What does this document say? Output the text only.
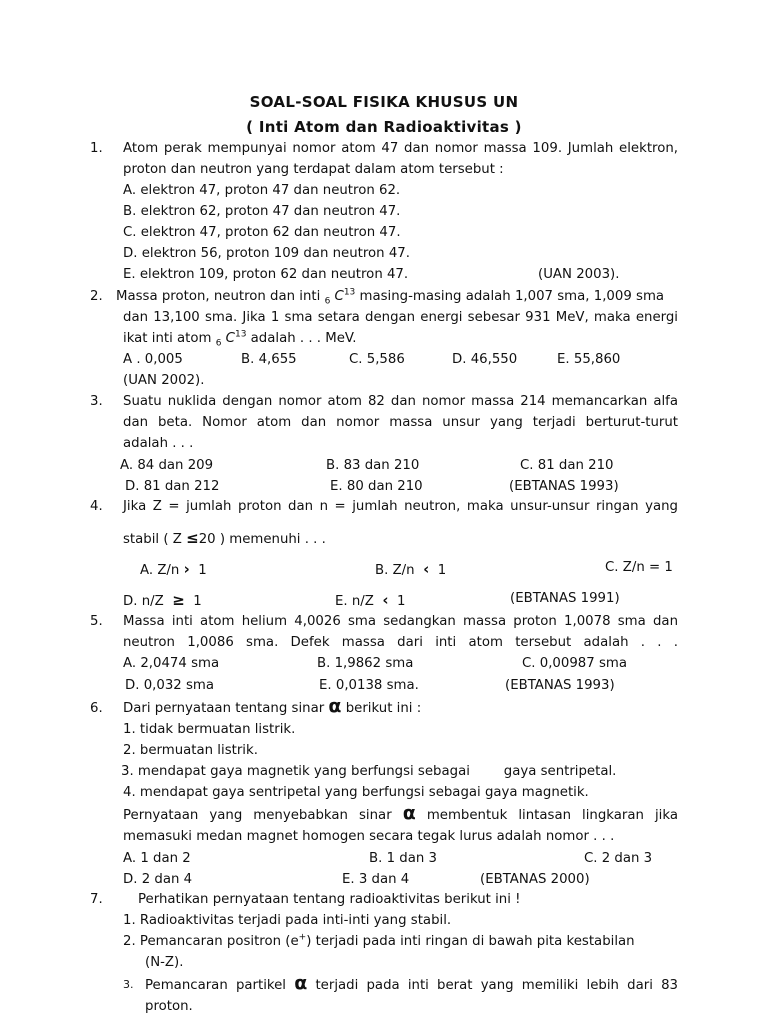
SOAL-SOAL FISIKA KHUSUS UN
( Inti Atom dan Radioaktivitas )
1.	Atom perak mempunyai nomor atom 47 dan nomor massa 109. Jumlah elektron,
proton dan neutron yang terdapat dalam atom tersebut :
A. elektron 47, proton 47 dan neutron 62.
B. elektron 62, proton 47 dan neutron 47.
C. elektron 47, proton 62 dan neutron 47.
D. elektron 56, proton 109 dan neutron 47.
E. elektron 109, proton 62 dan neutron 47.	(UAN 2003).
2.	Massa proton, neutron dan inti $_6$ $C^{13}$ masing-masing adalah 1,007 sma, 1,009 sma
dan 13,100 sma. Jika 1 sma setara dengan energi sebesar 931 MeV, maka energi
ikat inti atom $_6$ $C^{13}$ adalah . . . MeV.
A . 0,005	B. 4,655	C. 5,586	D. 46,550	E. 55,860
(UAN 2002).
3.	Suatu nuklida dengan nomor atom 82 dan nomor massa 214 memancarkan alfa
dan beta. Nomor atom dan nomor massa unsur yang terjadi berturut-turut
adalah . . .
A. 84 dan 209	B. 83 dan 210	C. 81 dan 210
D. 81 dan 212	E. 80 dan 210	(EBTANAS 1993)
4.	Jika Z = jumlah proton dan n = jumlah neutron, maka unsur-unsur ringan yang
stabil ( Z ≤20 ) memenuhi . . .
A. Z/n › 1	B. Z/n ‹ 1	C. Z/n = 1
D. n/Z ≥ 1	E. n/Z ‹ 1	(EBTANAS 1991)
5.	Massa inti atom helium 4,0026 sma sedangkan massa proton 1,0078 sma dan
neutron 1,0086 sma. Defek massa dari inti atom tersebut adalah . . .
A. 2,0474 sma	B. 1,9862 sma	C. 0,00987 sma
D. 0,032 sma	E. 0,0138 sma.	(EBTANAS 1993)
6.	Dari pernyataan tentang sinar α berikut ini :
1. tidak bermuatan listrik.
2. bermuatan listrik.
3. mendapat gaya magnetik yang berfungsi sebagai	gaya sentripetal.
4. mendapat gaya sentripetal yang berfungsi sebagai gaya magnetik.
Pernyataan yang menyebabkan sinar α membentuk lintasan lingkaran jika
memasuki medan magnet homogen secara tegak lurus adalah nomor . . .
A. 1 dan 2	B. 1 dan 3	C. 2 dan 3
D. 2 dan 4	E. 3 dan 4	(EBTANAS 2000)
7.	Perhatikan pernyataan tentang radioaktivitas berikut ini !
1. Radioaktivitas terjadi pada inti-inti yang stabil.
2. Pemancaran positron (e+) terjadi pada inti ringan di bawah pita kestabilan
(N-Z).
3. Pemancaran partikel α terjadi pada inti berat yang memiliki lebih dari 83
proton.
